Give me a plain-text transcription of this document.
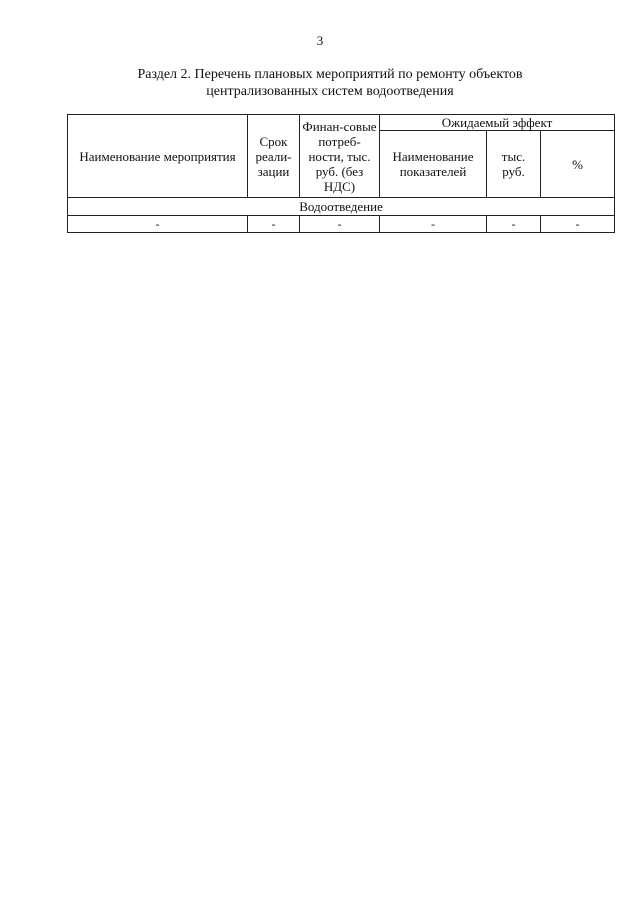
3
Раздел 2. Перечень плановых мероприятий по ремонту объектов
централизованных систем водоотведения
Наименование мероприятия	Срок реали-зации	Финан-совые потреб-ности, тыс. руб. (без НДС)	Ожидаемый эффект		
			Наименование показателей	тыс. руб.	%
Водоотведение					
-	-	-	-	-	-
